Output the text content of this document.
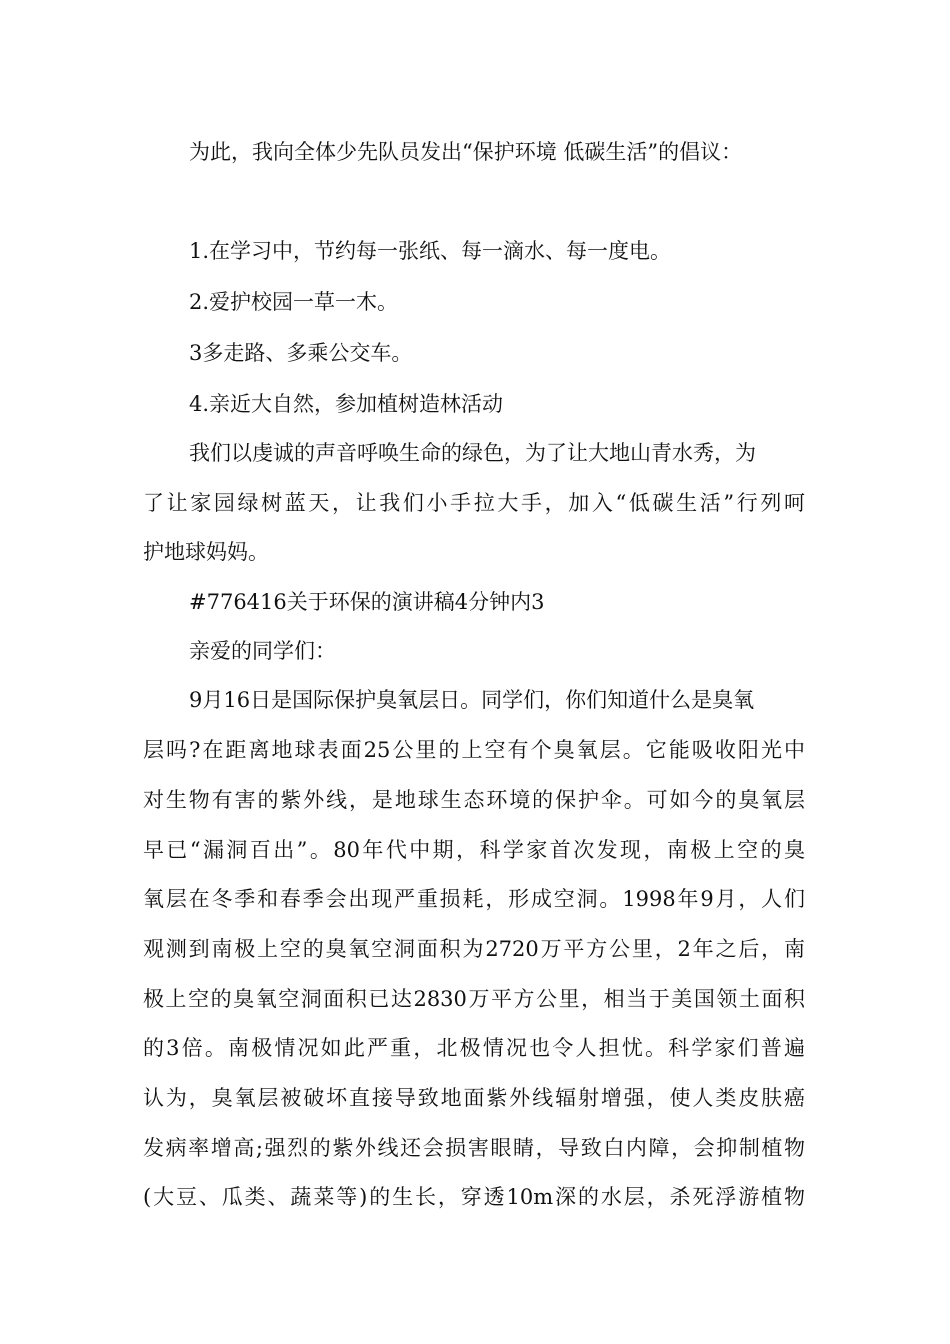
为此，我向全体少先队员发出“保护环境 低碳生活”的倡议：
1.在学习中，节约每一张纸、每一滴水、每一度电。
2.爱护校园一草一木。
3多走路、多乘公交车。
4.亲近大自然，参加植树造林活动
我们以虔诚的声音呼唤生命的绿色，为了让大地山青水秀，为
了让家园绿树蓝天，让我们小手拉大手，加入“低碳生活”行列呵
护地球妈妈。
#776416关于环保的演讲稿4分钟内3
亲爱的同学们：
9月16日是国际保护臭氧层日。同学们，你们知道什么是臭氧
层吗?在距离地球表面25公里的上空有个臭氧层。它能吸收阳光中
对生物有害的紫外线，是地球生态环境的保护伞。可如今的臭氧层
早已“漏洞百出”。80年代中期，科学家首次发现，南极上空的臭
氧层在冬季和春季会出现严重损耗，形成空洞。1998年9月，人们
观测到南极上空的臭氧空洞面积为2720万平方公里，2年之后，南
极上空的臭氧空洞面积已达2830万平方公里，相当于美国领土面积
的3倍。南极情况如此严重，北极情况也令人担忧。科学家们普遍
认为，臭氧层被破坏直接导致地面紫外线辐射增强，使人类皮肤癌
发病率增高;强烈的紫外线还会损害眼睛，导致白内障，会抑制植物
(大豆、瓜类、蔬菜等)的生长，穿透10m深的水层，杀死浮游植物
